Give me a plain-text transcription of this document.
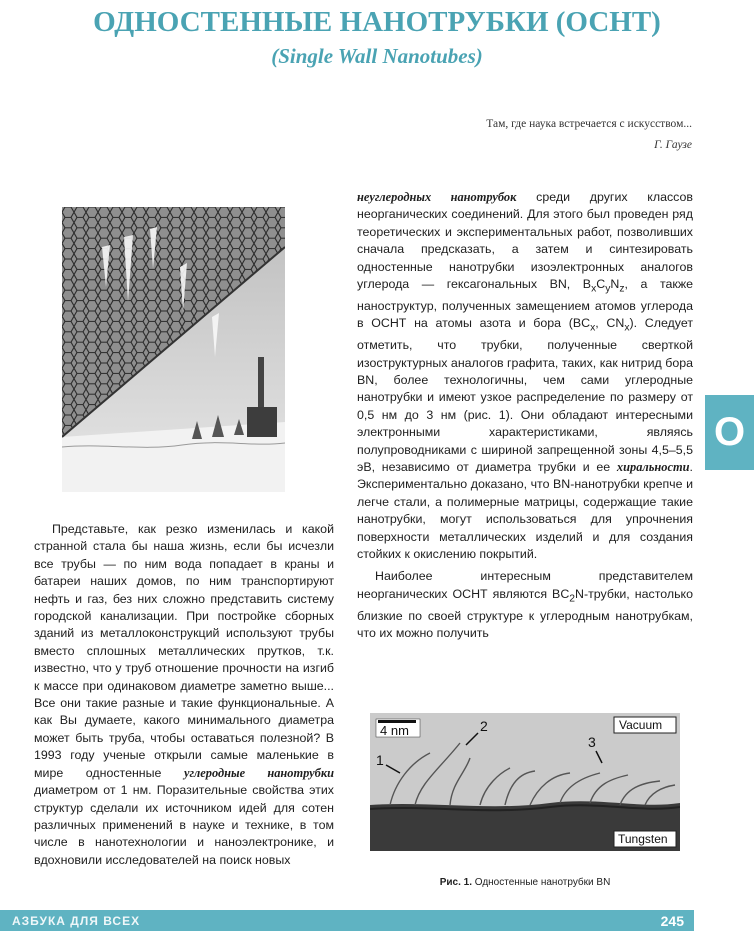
ОДНОСТЕННЫЕ НАНОТРУБКИ (ОСНТ)
(Single Wall Nanotubes)
Там, где наука встречается с искусством...
Г. Гаузе

Представьте, как резко изменилась и какой странной стала бы наша жизнь, если бы исчезли все трубы — по ним вода попадает в краны и батареи наших домов, по ним транспортируют нефть и газ, без них сложно представить систему городской канализации. При постройке сборных зданий из металлоконструкций используют трубы вместо сплошных металлических прутков, т.к. известно, что у труб отношение прочности на изгиб к массе при одинаковом диаметре заметно выше... Все они такие разные и такие функциональные. А как Вы думаете, какого минимального диаметра может быть труба, чтобы оставаться полезной? В 1993 году ученые открыли самые маленькие в мире одностенные углеродные нанотрубки диаметром от 1 нм. Поразительные свойства этих структур сделали их источником идей для сотен различных применений в науке и технике, в том числе в нанотехнологии и наноэлектронике, и вдохновили исследователей на поиск новых

неуглеродных нанотрубок среди других классов неорганических соединений. Для этого был проведен ряд теоретических и экспериментальных работ, позволивших сначала предсказать, а затем и синтезировать одностенные нанотрубки изоэлектронных аналогов углерода — гексагональных BN, $B_xC_yN_z$, а также наноструктур, полученных замещением атомов углерода в ОСНТ на атомы азота и бора ($BC_x$, $CN_x$). Следует отметить, что трубки, полученные сверткой изоструктурных аналогов графита, таких, как нитрид бора BN, более технологичны, чем сами углеродные нанотрубки и имеют узкое распределение по размеру от 0,5 нм до 3 нм (рис. 1). Они обладают интересными электронными характеристиками, являясь полупроводниками с шириной запрещенной зоны 4,5–5,5 эВ, независимо от диаметра трубки и ее хиральности. Экспериментально доказано, что BN-нанотрубки крепче и легче стали, а полимерные матрицы, содержащие такие нанотрубки, могут использоваться для упрочнения поверхности металлических изделий и для создания стойких к окислению покрытий.

Наиболее интересным представителем неорганических ОСНТ являются $BC_2N$-трубки, настолько близкие по своей структуре к углеродным нанотрубкам, что их можно получить

4 nm	Vacuum
Tungsten
1
2
3
Рис. 1. Одностенные нанотрубки BN
О
АЗБУКА ДЛЯ ВСЕХ	245
